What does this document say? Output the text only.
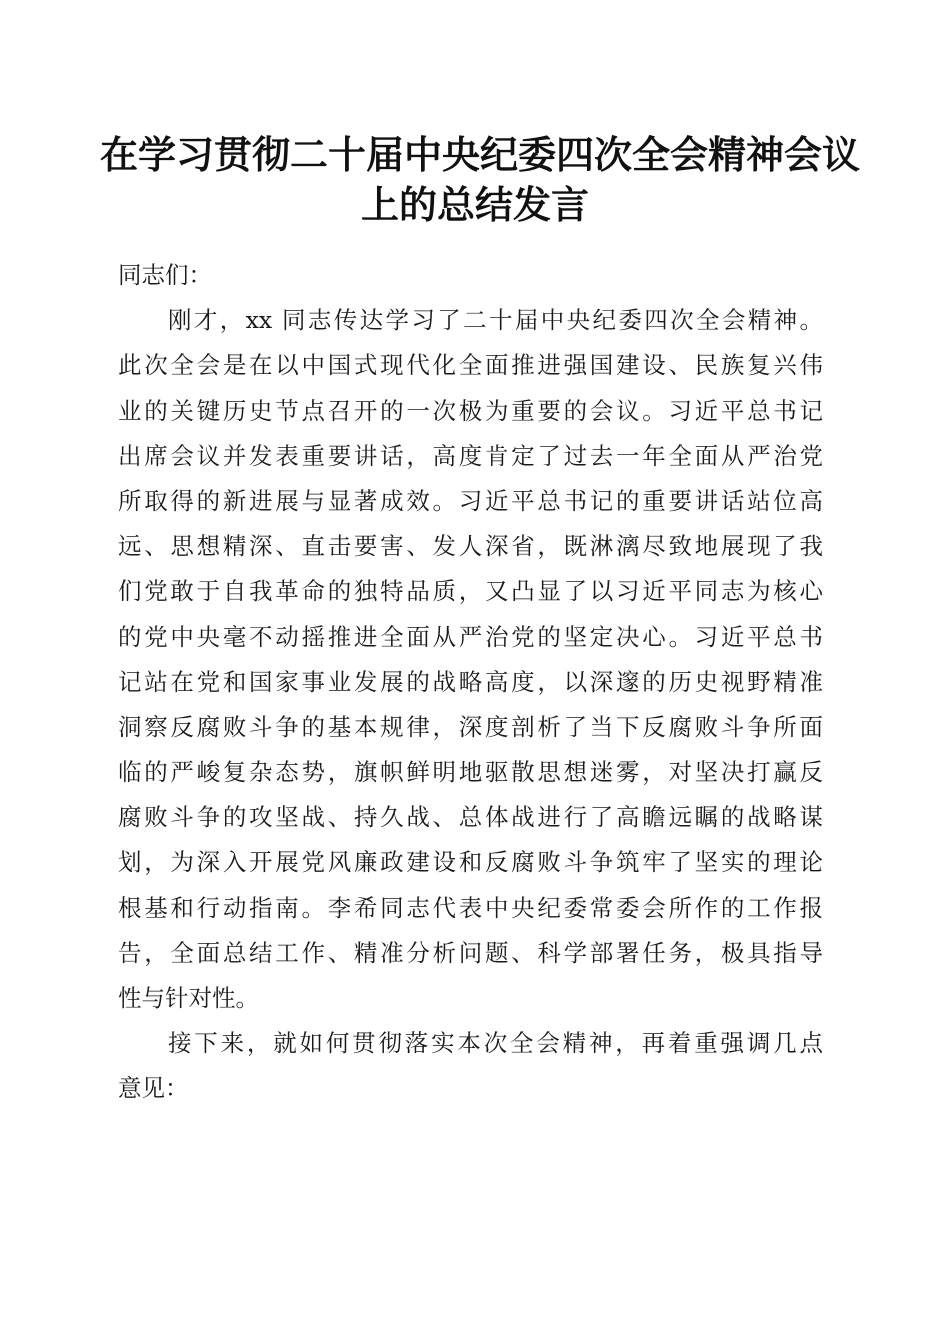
在学习贯彻二十届中央纪委四次全会精神会议
上的总结发言
同志们：
刚才，xx 同志传达学习了二十届中央纪委四次全会精神。
此次全会是在以中国式现代化全面推进强国建设、民族复兴伟
业的关键历史节点召开的一次极为重要的会议。习近平总书记
出席会议并发表重要讲话，高度肯定了过去一年全面从严治党
所取得的新进展与显著成效。习近平总书记的重要讲话站位高
远、思想精深、直击要害、发人深省，既淋漓尽致地展现了我
们党敢于自我革命的独特品质，又凸显了以习近平同志为核心
的党中央毫不动摇推进全面从严治党的坚定决心。习近平总书
记站在党和国家事业发展的战略高度，以深邃的历史视野精准
洞察反腐败斗争的基本规律，深度剖析了当下反腐败斗争所面
临的严峻复杂态势，旗帜鲜明地驱散思想迷雾，对坚决打赢反
腐败斗争的攻坚战、持久战、总体战进行了高瞻远瞩的战略谋
划，为深入开展党风廉政建设和反腐败斗争筑牢了坚实的理论
根基和行动指南。李希同志代表中央纪委常委会所作的工作报
告，全面总结工作、精准分析问题、科学部署任务，极具指导
性与针对性。
接下来，就如何贯彻落实本次全会精神，再着重强调几点
意见：
